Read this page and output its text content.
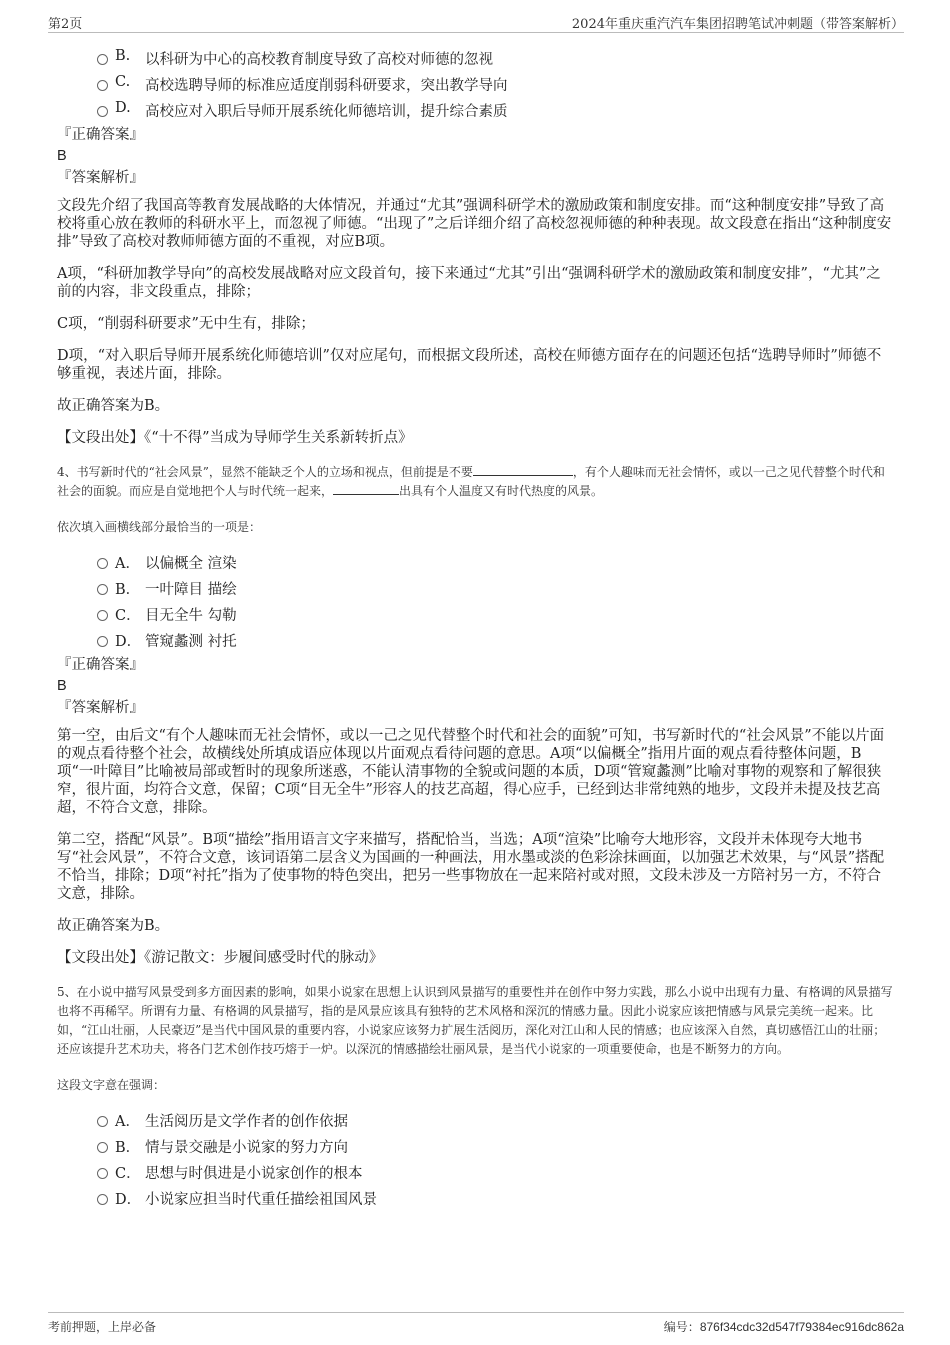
第2页	2024年重庆重汽汽车集团招聘笔试冲刺题（带答案解析）
B. 以科研为中心的高校教育制度导致了高校对师德的忽视
C. 高校选聘导师的标准应适度削弱科研要求，突出教学导向
D. 高校应对入职后导师开展系统化师德培训，提升综合素质
『正确答案』
B
『答案解析』

文段先介绍了我国高等教育发展战略的大体情况，并通过“尤其”强调科研学术的激励政策和制度安排。而“这种制度安排”导致了高校将重心放在教师的科研水平上，而忽视了师德。“出现了”之后详细介绍了高校忽视师德的种种表现。故文段意在指出“这种制度安排”导致了高校对教师师德方面的不重视，对应B项。

A项，“科研加教学导向”的高校发展战略对应文段首句，接下来通过“尤其”引出“强调科研学术的激励政策和制度安排”，“尤其”之前的内容，非文段重点，排除；

C项，“削弱科研要求”无中生有，排除；

D项，“对入职后导师开展系统化师德培训”仅对应尾句，而根据文段所述，高校在师德方面存在的问题还包括“选聘导师时”师德不够重视，表述片面，排除。

故正确答案为B。

【文段出处】《“十不得”当成为导师学生关系新转折点》

4、书写新时代的“社会风景”，显然不能缺乏个人的立场和视点，但前提是不要	，有个人趣味而无社会情怀，或以一己之见代替整个时代和社会的面貌。而应是自觉地把个人与时代统一起来，	出具有个人温度又有时代热度的风景。

依次填入画横线部分最恰当的一项是：

A． 以偏概全 渲染
B． 一叶障目 描绘
C． 目无全牛 勾勒
D． 管窥蠡测 衬托
『正确答案』
B
『答案解析』

第一空，由后文“有个人趣味而无社会情怀，或以一己之见代替整个时代和社会的面貌”可知，书写新时代的“社会风景”不能以片面的观点看待整个社会，故横线处所填成语应体现以片面观点看待问题的意思。A项“以偏概全”指用片面的观点看待整体问题，B项“一叶障目”比喻被局部或暂时的现象所迷惑，不能认清事物的全貌或问题的本质，D项“管窥蠡测”比喻对事物的观察和了解很狭窄，很片面，均符合文意，保留；C项“目无全牛”形容人的技艺高超，得心应手，已经到达非常纯熟的地步，文段并未提及技艺高超，不符合文意，排除。

第二空，搭配“风景”。B项“描绘”指用语言文字来描写，搭配恰当，当选；A项“渲染”比喻夸大地形容，文段并未体现夸大地书写“社会风景”，不符合文意，该词语第二层含义为国画的一种画法，用水墨或淡的色彩涂抹画面，以加强艺术效果，与“风景”搭配不恰当，排除；D项“衬托”指为了使事物的特色突出，把另一些事物放在一起来陪衬或对照，文段未涉及一方陪衬另一方，不符合文意，排除。

故正确答案为B。

【文段出处】《游记散文：步履间感受时代的脉动》

5、在小说中描写风景受到多方面因素的影响，如果小说家在思想上认识到风景描写的重要性并在创作中努力实践，那么小说中出现有力量、有格调的风景描写也将不再稀罕。所谓有力量、有格调的风景描写，指的是风景应该具有独特的艺术风格和深沉的情感力量。因此小说家应该把情感与风景完美统一起来。比如，“江山壮丽，人民豪迈”是当代中国风景的重要内容，小说家应该努力扩展生活阅历，深化对江山和人民的情感；也应该深入自然，真切感悟江山的壮丽；还应该提升艺术功夫，将各门艺术创作技巧熔于一炉。以深沉的情感描绘壮丽风景，是当代小说家的一项重要使命，也是不断努力的方向。

这段文字意在强调：

A． 生活阅历是文学作者的创作依据
B． 情与景交融是小说家的努力方向
C． 思想与时俱进是小说家创作的根本
D． 小说家应担当时代重任描绘祖国风景
考前押题，上岸必备	编号：876f34cdc32d547f79384ec916dc862a
